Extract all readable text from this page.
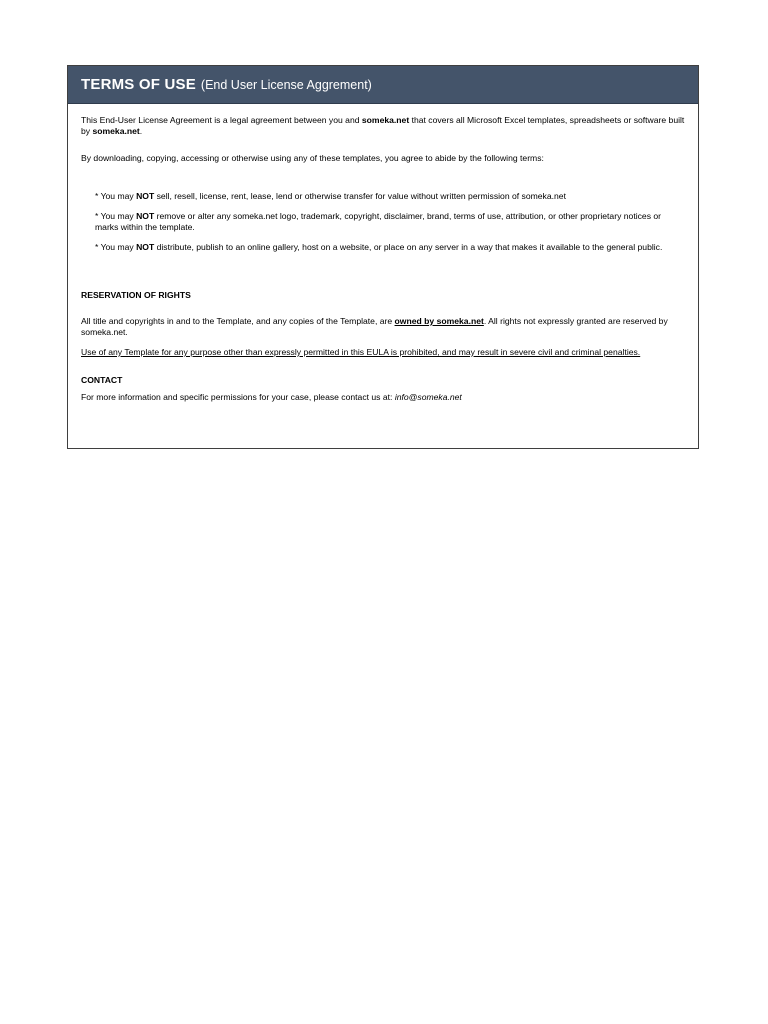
TERMS OF USE (End User License Aggrement)

This End-User License Agreement is a legal agreement between you and someka.net that covers all Microsoft Excel templates, spreadsheets or software built by someka.net.

By downloading, copying, accessing or otherwise using any of these templates, you agree to abide by the following terms:

* You may NOT sell, resell, license, rent, lease, lend or otherwise transfer for value without written permission of someka.net

* You may NOT remove or alter any someka.net logo, trademark, copyright, disclaimer, brand, terms of use, attribution, or other proprietary notices or marks within the template.

* You may NOT distribute, publish to an online gallery, host on a website, or place on any server in a way that makes it available to the general public.

RESERVATION OF RIGHTS

All title and copyrights in and to the Template, and any copies of the Template, are owned by someka.net. All rights not expressly granted are reserved by someka.net.

Use of any Template for any purpose other than expressly permitted in this EULA is prohibited, and may result in severe civil and criminal penalties.

CONTACT

For more information and specific permissions for your case, please contact us at: info@someka.net
